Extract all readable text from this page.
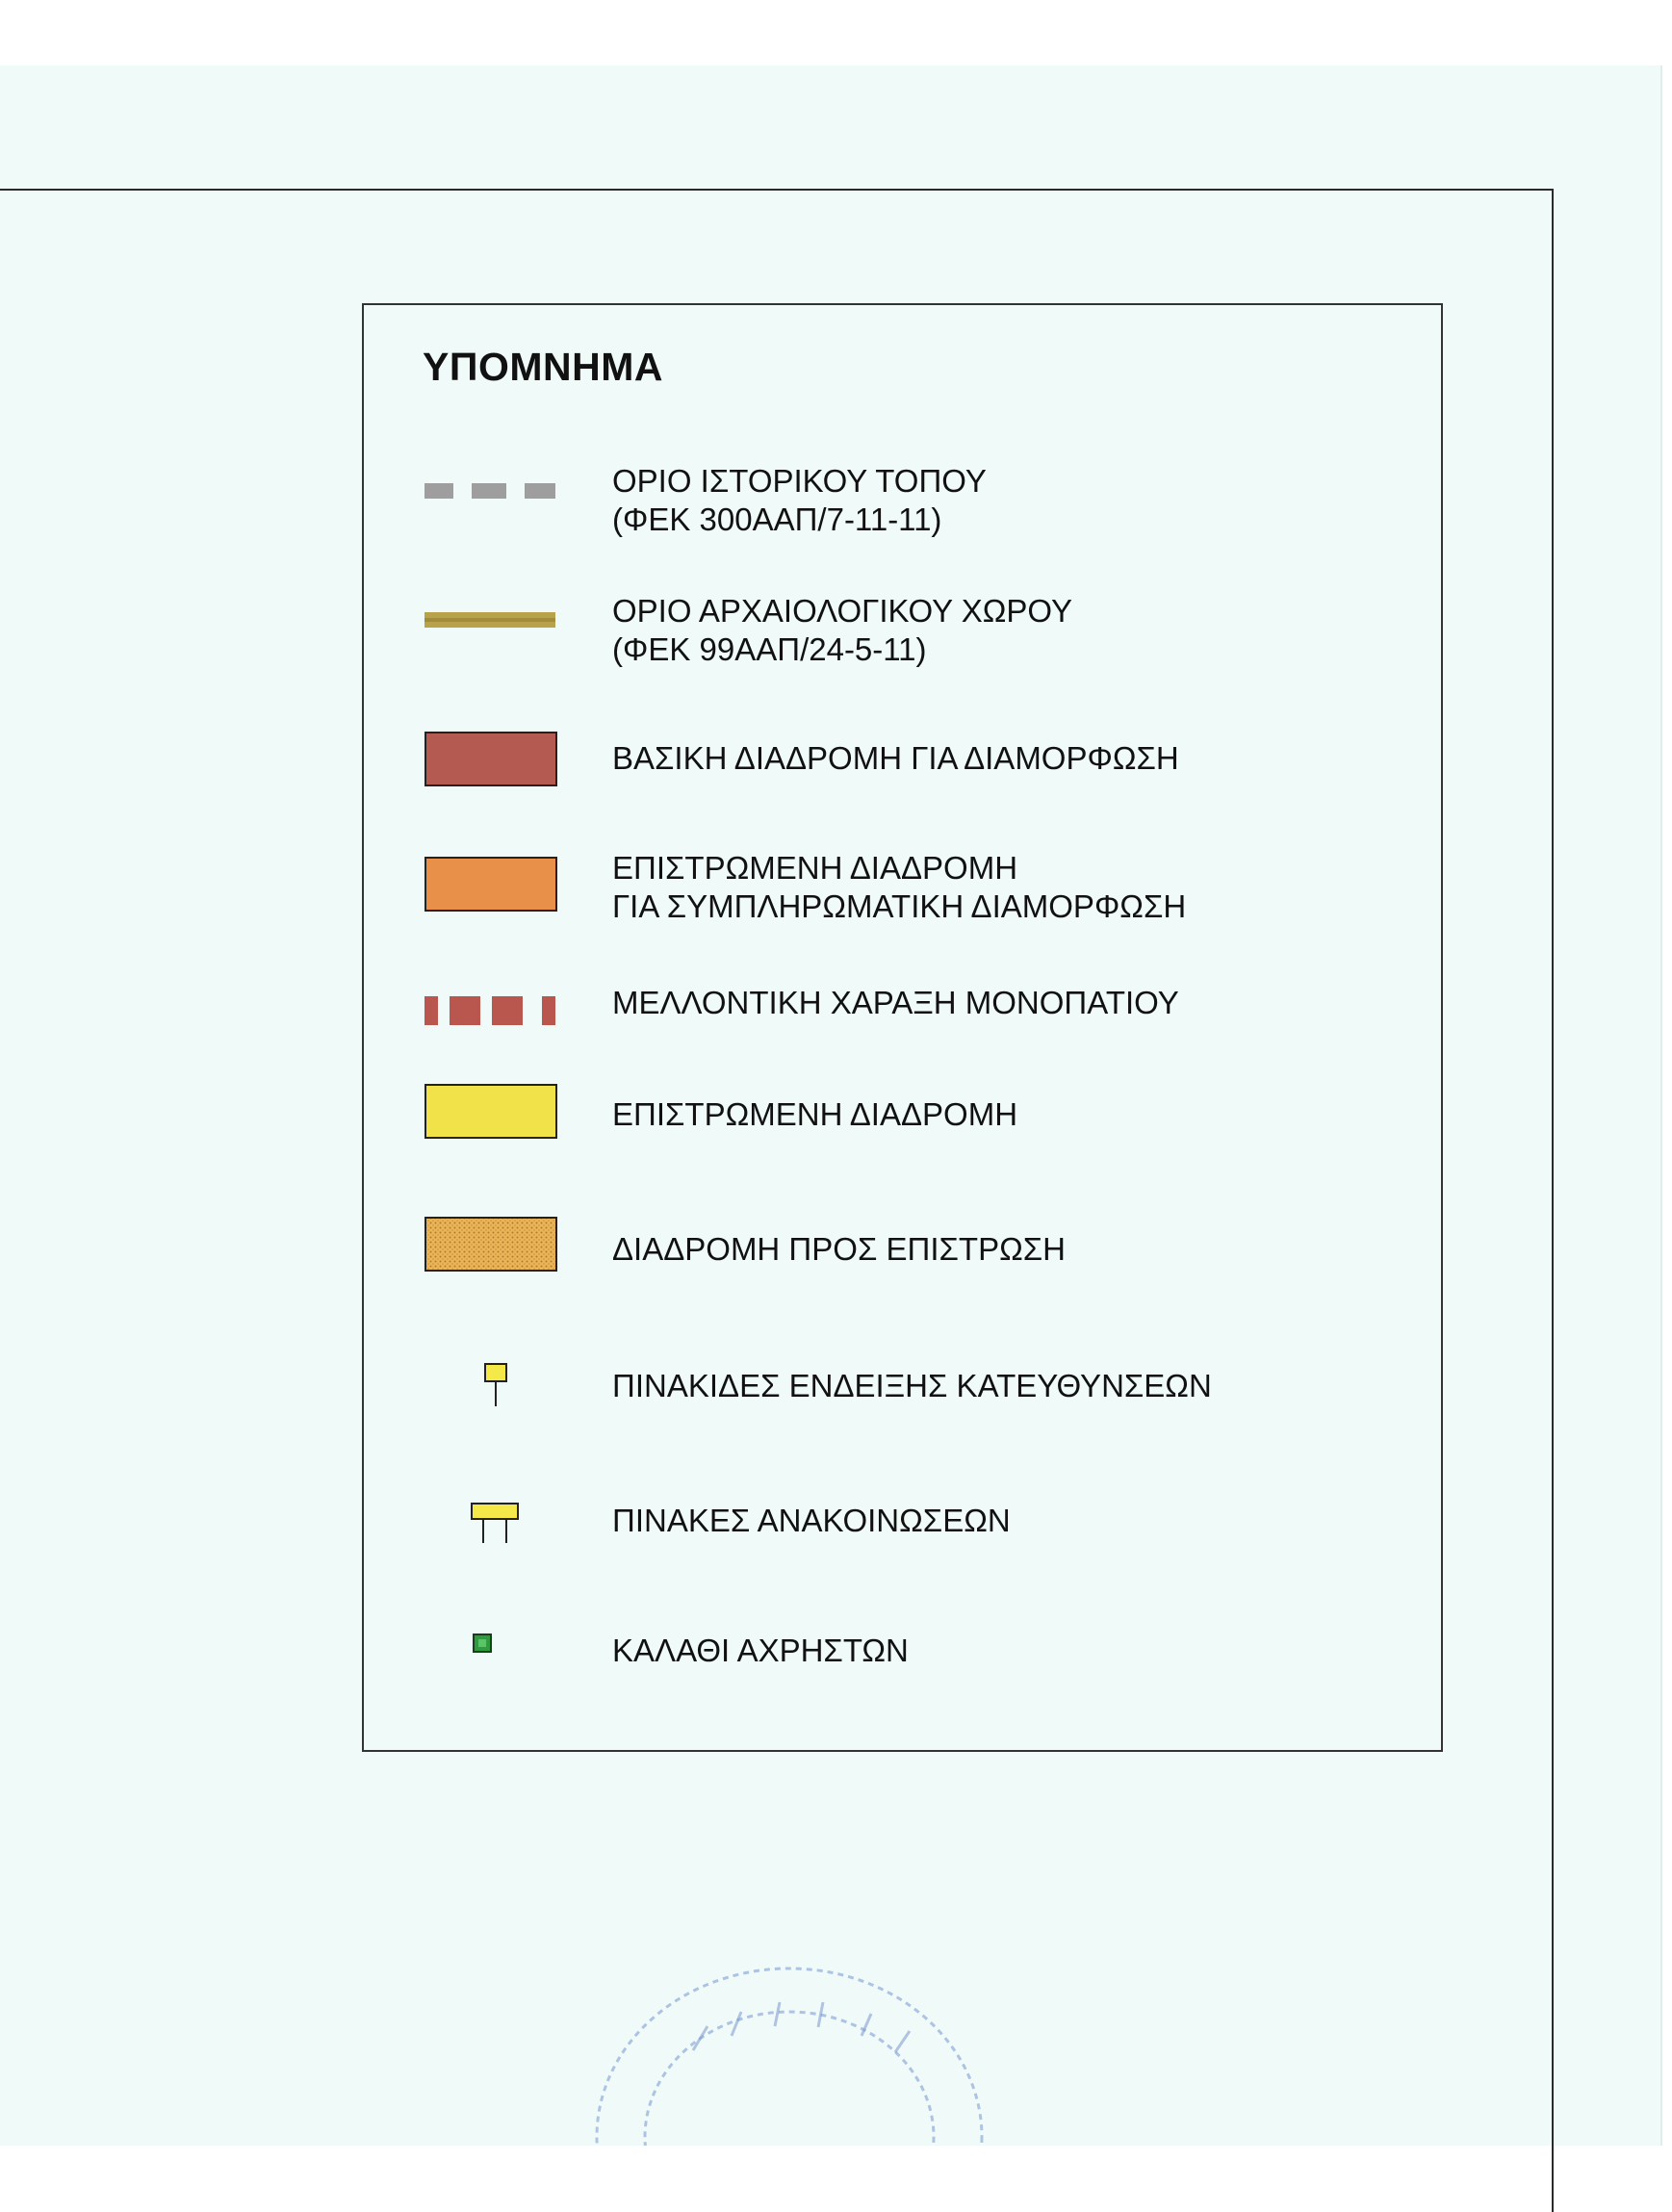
ΥΠΟΜΝΗΜΑ
ΟΡΙΟ ΙΣΤΟΡΙΚΟΥ ΤΟΠΟΥ
(ΦΕΚ 300ΑΑΠ/7-11-11)
ΟΡΙΟ ΑΡΧΑΙΟΛΟΓΙΚΟΥ ΧΩΡΟΥ
(ΦΕΚ 99ΑΑΠ/24-5-11)
ΒΑΣΙΚΗ ΔΙΑΔΡΟΜΗ ΓΙΑ ΔΙΑΜΟΡΦΩΣΗ
ΕΠΙΣΤΡΩΜΕΝΗ ΔΙΑΔΡΟΜΗ
ΓΙΑ ΣΥΜΠΛΗΡΩΜΑΤΙΚΗ ΔΙΑΜΟΡΦΩΣΗ
ΜΕΛΛΟΝΤΙΚΗ ΧΑΡΑΞΗ ΜΟΝΟΠΑΤΙΟΥ
ΕΠΙΣΤΡΩΜΕΝΗ ΔΙΑΔΡΟΜΗ
ΔΙΑΔΡΟΜΗ ΠΡΟΣ ΕΠΙΣΤΡΩΣΗ
ΠΙΝΑΚΙΔΕΣ ΕΝΔΕΙΞΗΣ ΚΑΤΕΥΘΥΝΣΕΩΝ
ΠΙΝΑΚΕΣ ΑΝΑΚΟΙΝΩΣΕΩΝ
ΚΑΛΑΘΙ ΑΧΡΗΣΤΩΝ
